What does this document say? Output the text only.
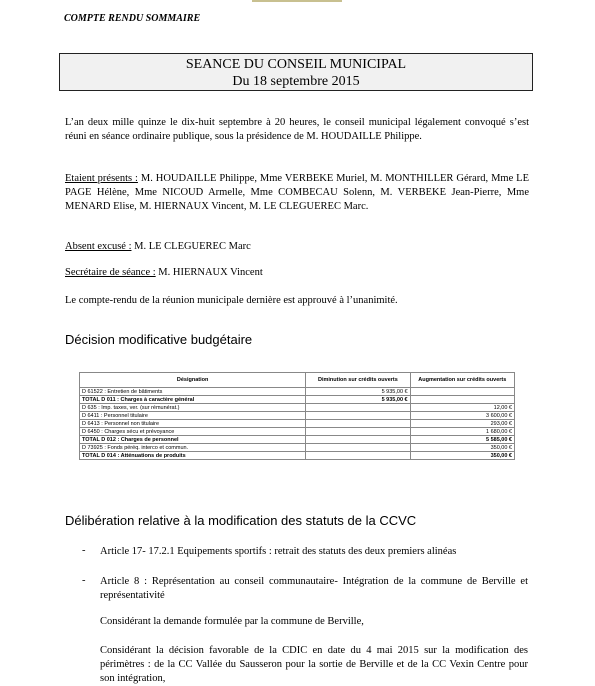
COMPTE RENDU SOMMAIRE
SEANCE DU CONSEIL MUNICIPAL
Du 18 septembre 2015
L’an deux mille quinze le dix-huit septembre à 20 heures, le conseil municipal légalement convoqué s’est réuni en séance ordinaire publique, sous la présidence de M. HOUDAILLE Philippe.
Etaient présents : M. HOUDAILLE Philippe, Mme VERBEKE Muriel, M. MONTHILLER Gérard, Mme LE PAGE Hélène, Mme NICOUD Armelle, Mme COMBECAU Solenn, M. VERBEKE Jean-Pierre, Mme MENARD Elise, M. HIERNAUX Vincent, M. LE CLEGUEREC Marc.
Absent excusé : M. LE CLEGUEREC Marc
Secrétaire de séance : M. HIERNAUX Vincent
Le compte-rendu de la réunion municipale dernière est approuvé à l’unanimité.
Décision modificative budgétaire
Désignation	Diminution sur crédits ouverts	Augmentation sur crédits ouverts
D 61522 : Entretien de bâtiments	5 935,00 €	
TOTAL D 011 : Charges à caractère général	5 935,00 €	
D 635 : Imp. taxes, ver. (sur rémunérat.)		12,00 €
D 6411 : Personnel titulaire		3 600,00 €
D 6413 : Personnel non titulaire		293,00 €
D 6450 : Charges sécu et prévoyance		1 680,00 €
TOTAL D 012 : Charges de personnel		5 585,00 €
D 73925 : Fonds péréq. interco et commun.		350,00 €
TOTAL D 014 : Atténuations de produits		350,00 €
Délibération relative à la modification des statuts de la CCVC
- Article 17- 17.2.1 Equipements sportifs : retrait des statuts des deux premiers alinéas
- Article 8 : Représentation au conseil communautaire- Intégration de la commune de Berville et représentativité
Considérant la demande formulée par la commune de Berville,
Considérant la décision favorable de la CDIC en date du 4 mai 2015 sur la modification des périmètres : de la CC Vallée du Sausseron pour la sortie de Berville et de la CC Vexin Centre pour son intégration,
